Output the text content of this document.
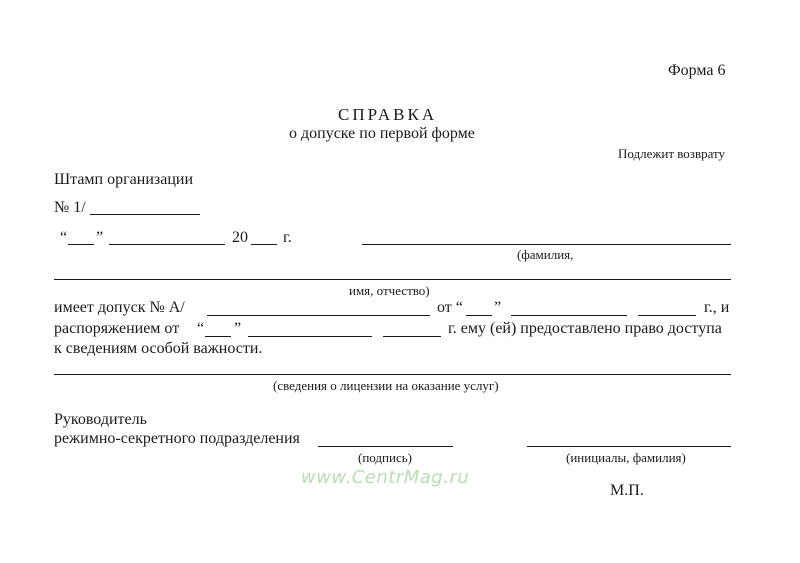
Форма 6
СПРАВКА
о допуске по первой форме
Подлежит возврату
Штамп организации
№ 1/
“ ”	20 г.
(фамилия,
имя, отчество)
имеет допуск № А/	от “ ”	г., и
распоряжением от “ ”	г. ему (ей) предоставлено право доступа
к сведениям особой важности.
(сведения о лицензии на оказание услуг)
Руководитель
режимно-секретного подразделения
(подпись)	(инициалы, фамилия)
www.CentrMag.ru
М.П.
